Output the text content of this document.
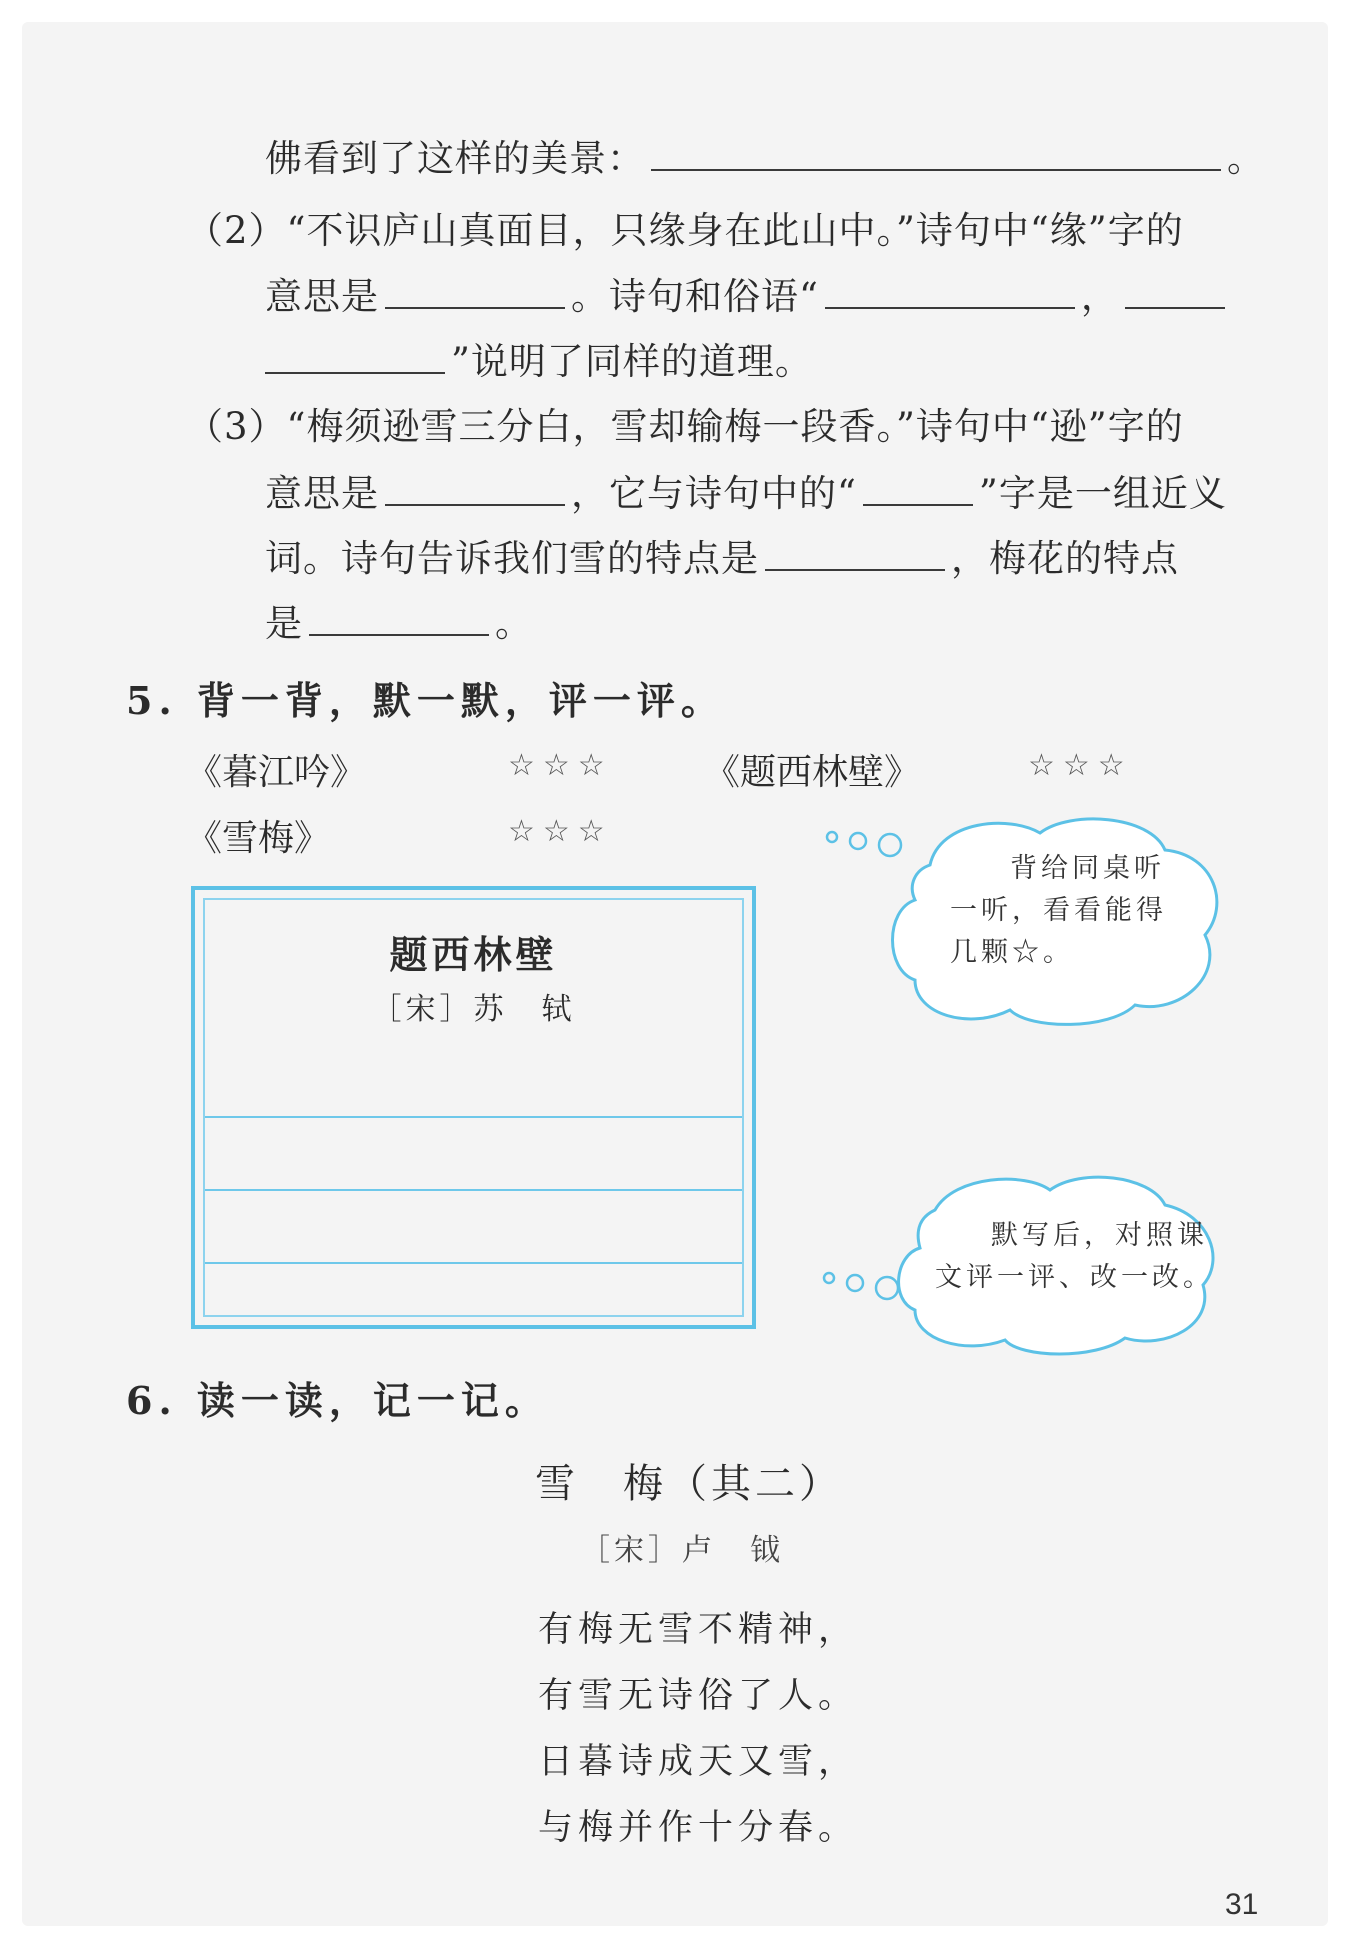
佛看到了这样的美景：	。
（2）“不识庐山真面目，只缘身在此山中。”诗句中“缘”字的
意思是	。诗句和俗语“	，
”说明了同样的道理。
（3）“梅须逊雪三分白，雪却输梅一段香。”诗句中“逊”字的
意思是	，它与诗句中的“	”字是一组近义
词。诗句告诉我们雪的特点是	，梅花的特点
是	。
5. 背一背，默一默，评一评。
《暮江吟》	☆☆☆	《题西林壁》	☆☆☆
《雪梅》	☆☆☆
题西林壁
［宋］苏　轼
背给同桌听
一听，看看能得
几颗☆。
默写后，对照课
文评一评、改一改。
6. 读一读，记一记。
雪　梅（其二）
［宋］卢　钺
有梅无雪不精神，
有雪无诗俗了人。
日暮诗成天又雪，
与梅并作十分春。
31
